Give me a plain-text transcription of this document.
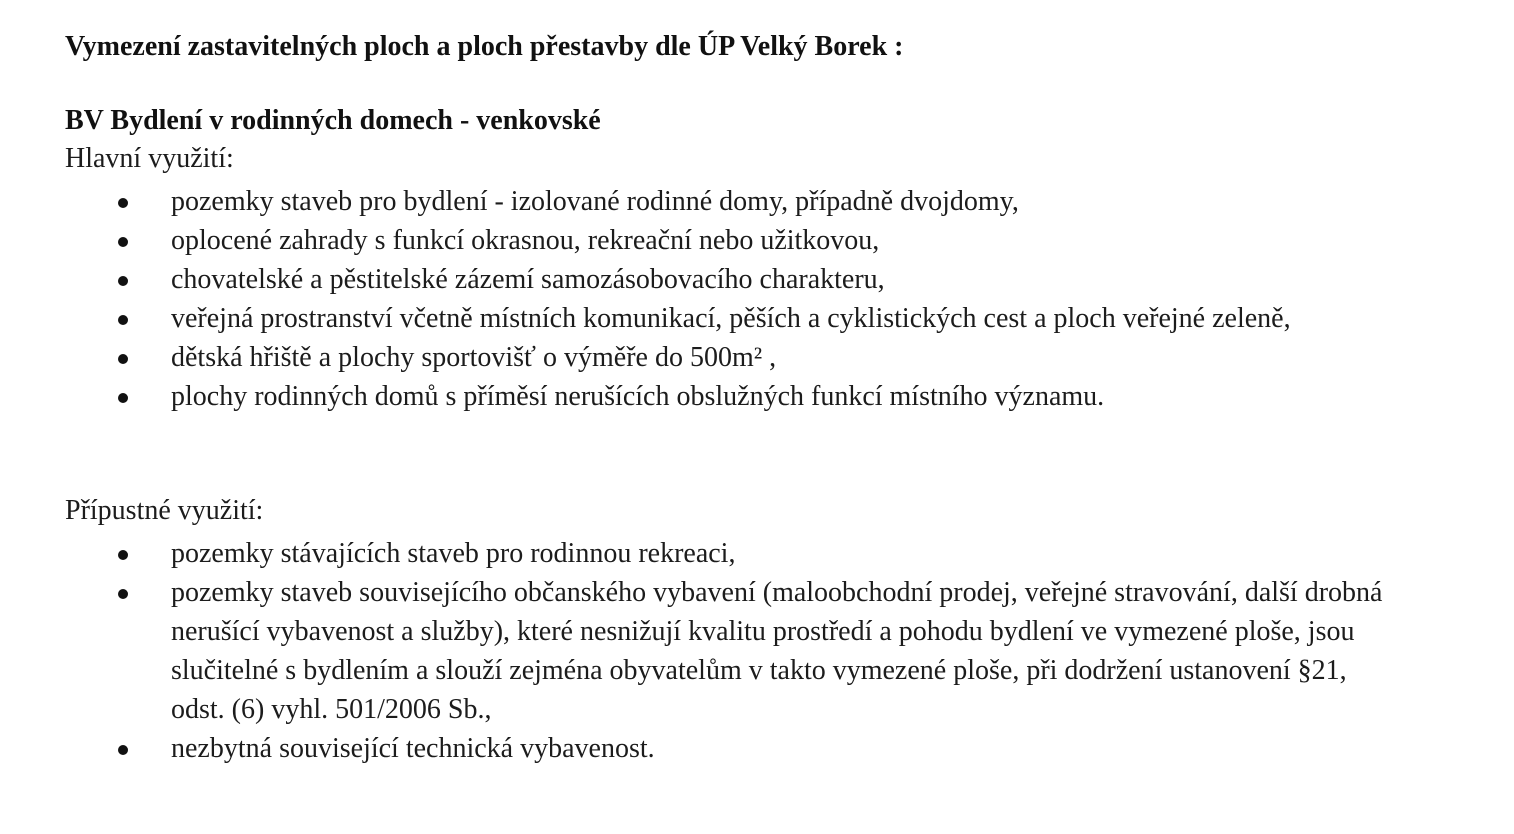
Vymezení zastavitelných ploch a ploch přestavby dle ÚP Velký Borek :
BV Bydlení v rodinných domech - venkovské
Hlavní využití:
pozemky staveb pro bydlení - izolované rodinné domy, případně dvojdomy,
oplocené zahrady s funkcí okrasnou, rekreační nebo užitkovou,
chovatelské a pěstitelské zázemí samozásobovacího charakteru,
veřejná prostranství včetně místních komunikací, pěších a cyklistických cest a ploch veřejné zeleně,
dětská hřiště a plochy sportovišť o výměře do 500m² ,
plochy rodinných domů s příměsí nerušících obslužných funkcí místního významu.
Přípustné využití:
pozemky stávajících staveb pro rodinnou rekreaci,
pozemky staveb souvisejícího občanského vybavení (maloobchodní prodej, veřejné stravování, další drobná nerušící vybavenost a služby), které nesnižují kvalitu prostředí a pohodu bydlení ve vymezené ploše, jsou slučitelné s bydlením a slouží zejména obyvatelům v takto vymezené ploše, při dodržení ustanovení §21, odst. (6) vyhl. 501/2006 Sb.,
nezbytná související technická vybavenost.
